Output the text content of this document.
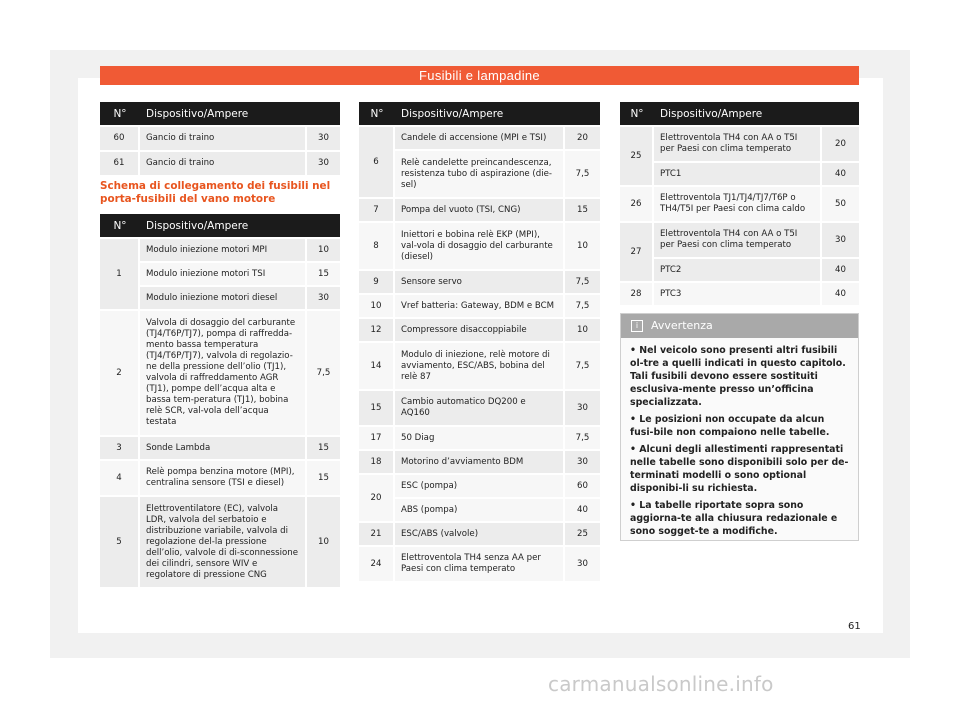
Fusibili e lampadine
N°	Dispositivo/Ampere	
60	Gancio di traino	30
61	Gancio di traino	30
Schema di collegamento dei fusibili nel porta-fusibili del vano motore
N°	Dispositivo/Ampere	
1	Modulo iniezione motori MPI	10
	Modulo iniezione motori TSI	15
	Modulo iniezione motori diesel	30
2	Valvola di dosaggio del carburante (TJ4/T6P/TJ7), pompa di raffredda-mento bassa temperatura (TJ4/T6P/TJ7), valvola di regolazio-ne della pressione dell’olio (TJ1), valvola di raffreddamento AGR (TJ1), pompe dell’acqua alta e bassa tem-peratura (TJ1), bobina relè SCR, val-vola dell’acqua testata	7,5
3	Sonde Lambda	15
4	Relè pompa benzina motore (MPI), centralina sensore (TSI e diesel)	15
5	Elettroventilatore (EC), valvola LDR, valvola del serbatoio e distribuzione variabile, valvola di regolazione del-la pressione dell’olio, valvole di di-sconnessione dei cilindri, sensore WIV e regolatore di pressione CNG	10
N°	Dispositivo/Ampere	
6	Candele di accensione (MPI e TSI)	20
	Relè candelette preincandescenza, resistenza tubo di aspirazione (die-sel)	7,5
7	Pompa del vuoto (TSI, CNG)	15
8	Iniettori e bobina relè EKP (MPI), val-vola di dosaggio del carburante (diesel)	10
9	Sensore servo	7,5
10	Vref batteria: Gateway, BDM e BCM	7,5
12	Compressore disaccoppiabile	10
14	Modulo di iniezione, relè motore di avviamento, ESC/ABS, bobina del relè 87	7,5
15	Cambio automatico DQ200 e AQ160	30
17	50 Diag	7,5
18	Motorino d’avviamento BDM	30
20	ESC (pompa)	60
	ABS (pompa)	40
21	ESC/ABS (valvole)	25
24	Elettroventola TH4 senza AA per Paesi con clima temperato	30
N°	Dispositivo/Ampere	
25	Elettroventola TH4 con AA o T5I per Paesi con clima temperato	20
	PTC1	40
26	Elettroventola TJ1/TJ4/TJ7/T6P o TH4/T5I per Paesi con clima caldo	50
27	Elettroventola TH4 con AA o T5I per Paesi con clima temperato	30
	PTC2	40
28	PTC3	40
i Avvertenza

• Nel veicolo sono presenti altri fusibili ol-tre a quelli indicati in questo capitolo. Tali fusibili devono essere sostituiti esclusiva-mente presso un’officina specializzata.

• Le posizioni non occupate da alcun fusi-bile non compaiono nelle tabelle.

• Alcuni degli allestimenti rappresentati nelle tabelle sono disponibili solo per de-terminati modelli o sono optional disponibi-li su richiesta.

• La tabelle riportate sopra sono aggiorna-te alla chiusura redazionale e sono sogget-te a modifiche.

61
carmanualsonline.info
